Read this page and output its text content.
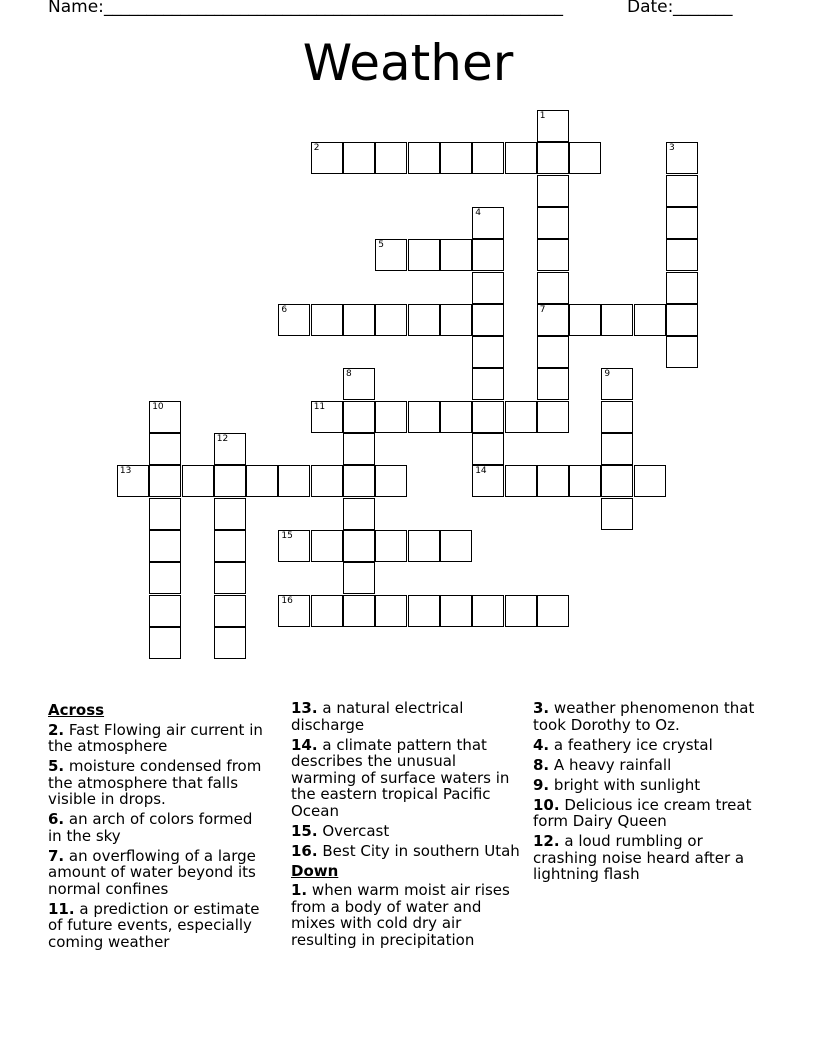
Name: ______________________________________________________	Date: _______
Weather
1
2	3
4
5
6	7
8	9
10	11
12
13	14
15
16
Across
2. Fast Flowing air current in the atmosphere
5. moisture condensed from the atmosphere that falls visible in drops.
6. an arch of colors formed in the sky
7. an overflowing of a large amount of water beyond its normal confines
11. a prediction or estimate of future events, especially coming weather
13. a natural electrical discharge
14. a climate pattern that describes the unusual warming of surface waters in the eastern tropical Pacific Ocean
15. Overcast
16. Best City in southern Utah
Down
1. when warm moist air rises from a body of water and mixes with cold dry air resulting in precipitation
3. weather phenomenon that took Dorothy to Oz.
4. a feathery ice crystal
8. A heavy rainfall
9. bright with sunlight
10. Delicious ice cream treat form Dairy Queen
12. a loud rumbling or crashing noise heard after a lightning flash
